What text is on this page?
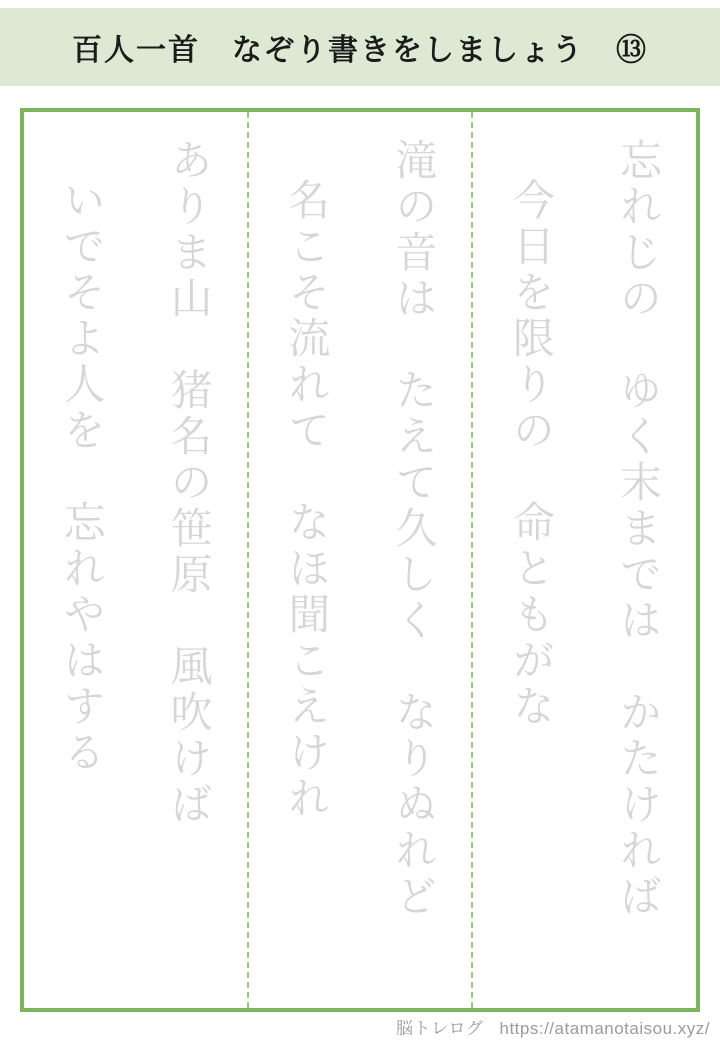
百人一首　なぞり書きをしましょう　⑬
忘れじの　ゆく末までは　かたければ
今日を限りの　命ともがな
滝の音は　たえて久しく　なりぬれど
名こそ流れて　なほ聞こえけれ
ありま山　猪名の笹原　風吹けば
いでそよ人を　忘れやはする
脳トレログ https://atamanotaisou.xyz/
